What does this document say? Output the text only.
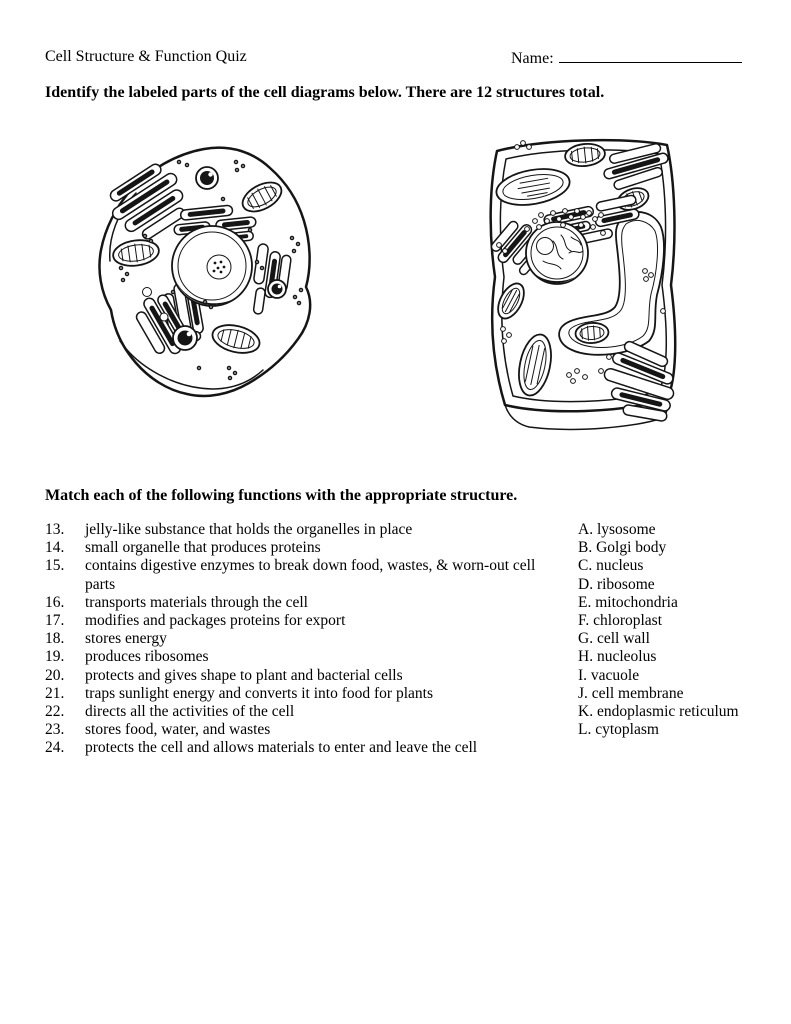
Cell Structure & Function Quiz	Name:

Identify the labeled parts of the cell diagrams below. There are 12 structures total.

Match each of the following functions with the appropriate structure.

13.	jelly-like substance that holds the organelles in place	A. lysosome
14.	small organelle that produces proteins	B. Golgi body
15.	contains digestive enzymes to break down food, wastes, & worn-out cell	C. nucleus
parts	D. ribosome
16.	transports materials through the cell	E. mitochondria
17.	modifies and packages proteins for export	F. chloroplast
18.	stores energy	G. cell wall
19.	produces ribosomes	H. nucleolus
20.	protects and gives shape to plant and bacterial cells	I. vacuole
21.	traps sunlight energy and converts it into food for plants	J. cell membrane
22.	directs all the activities of the cell	K. endoplasmic reticulum
23.	stores food, water, and wastes	L. cytoplasm
24.	protects the cell and allows materials to enter and leave the cell
